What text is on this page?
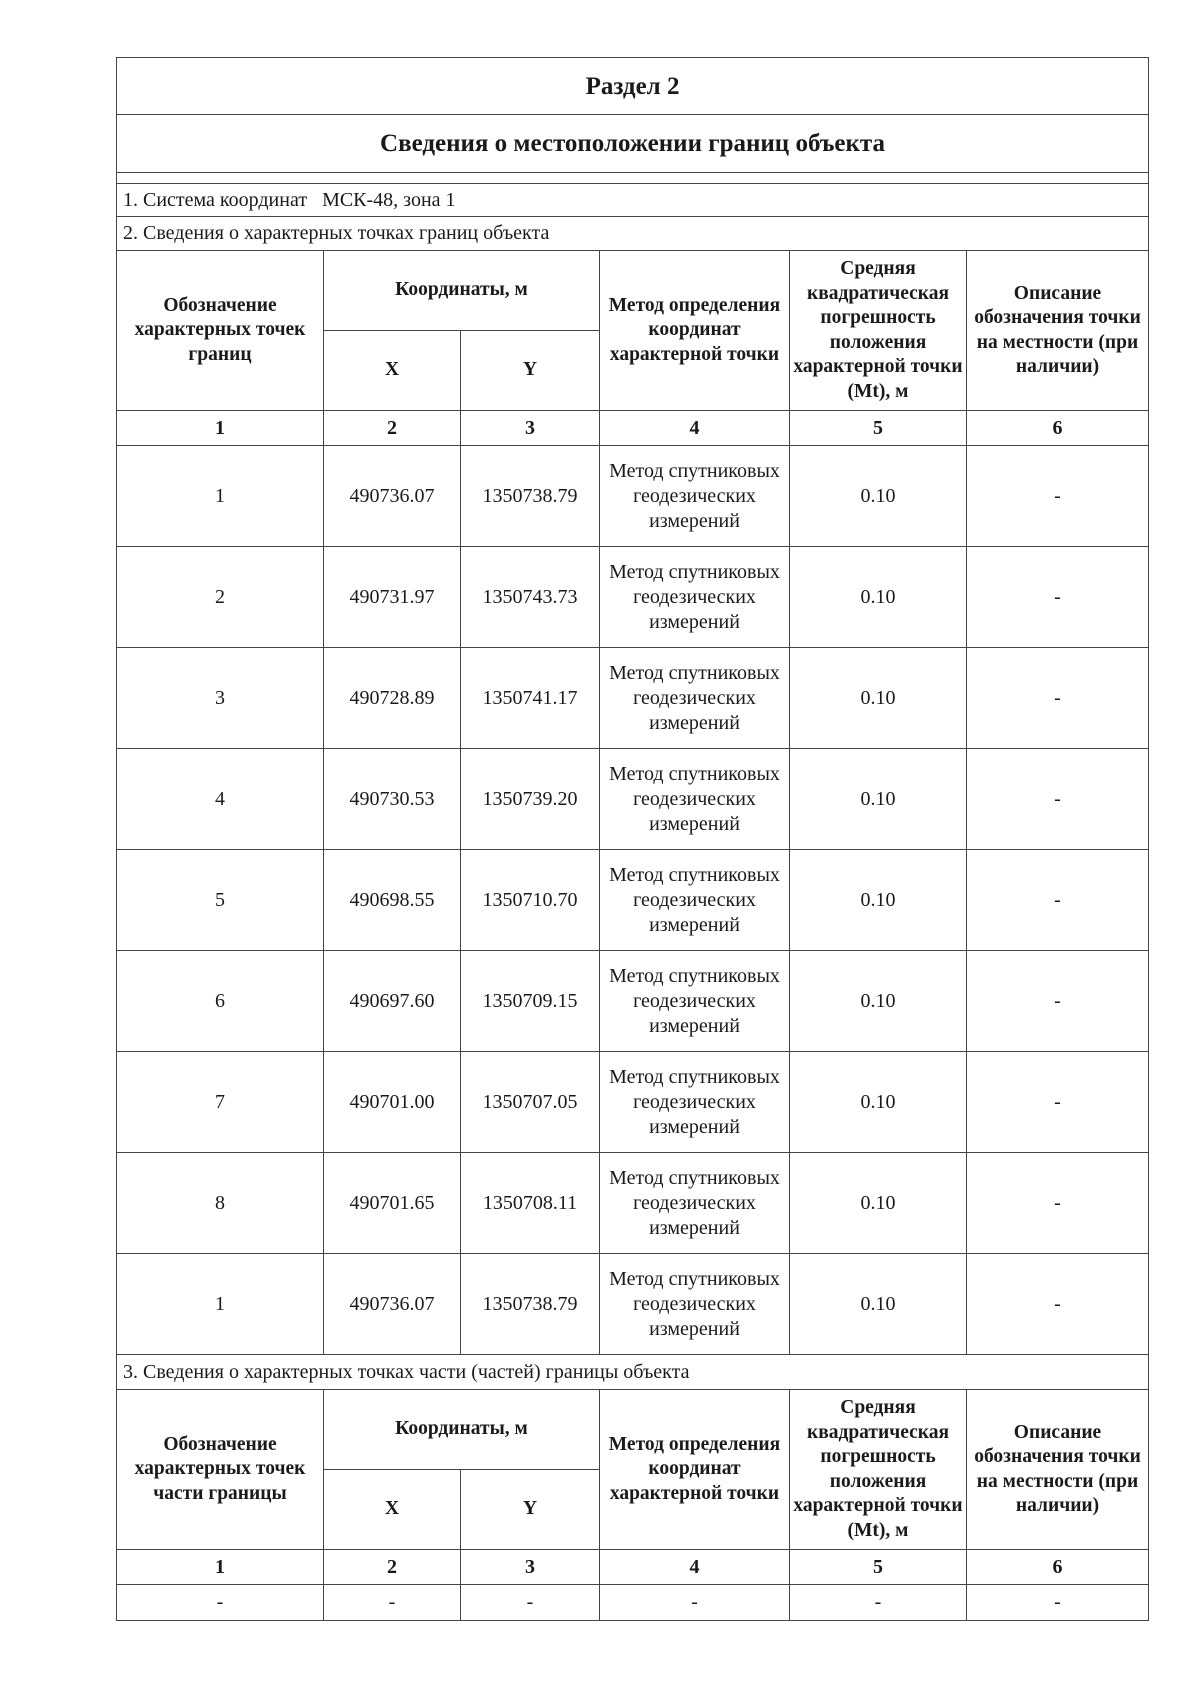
Раздел 2					
Сведения о местоположении границ объекта					

1. Система координат МСК-48, зона 1					
2. Сведения о характерных точках границ объекта					
Обозначение характерных точек границ	Координаты, м		Метод определения координат характерной точки	Средняя квадратическая погрешность положения характерной точки (Mt), м	Описание обозначения точки на местности (при наличии)
	X	Y			
1	2	3	4	5	6
1	490736.07	1350738.79	Метод спутниковых геодезических измерений	0.10	-
2	490731.97	1350743.73	Метод спутниковых геодезических измерений	0.10	-
3	490728.89	1350741.17	Метод спутниковых геодезических измерений	0.10	-
4	490730.53	1350739.20	Метод спутниковых геодезических измерений	0.10	-
5	490698.55	1350710.70	Метод спутниковых геодезических измерений	0.10	-
6	490697.60	1350709.15	Метод спутниковых геодезических измерений	0.10	-
7	490701.00	1350707.05	Метод спутниковых геодезических измерений	0.10	-
8	490701.65	1350708.11	Метод спутниковых геодезических измерений	0.10	-
1	490736.07	1350738.79	Метод спутниковых геодезических измерений	0.10	-
3. Сведения о характерных точках части (частей) границы объекта					
Обозначение характерных точек части границы	Координаты, м		Метод определения координат характерной точки	Средняя квадратическая погрешность положения характерной точки (Mt), м	Описание обозначения точки на местности (при наличии)
	X	Y			
1	2	3	4	5	6
-	-	-	-	-	-
